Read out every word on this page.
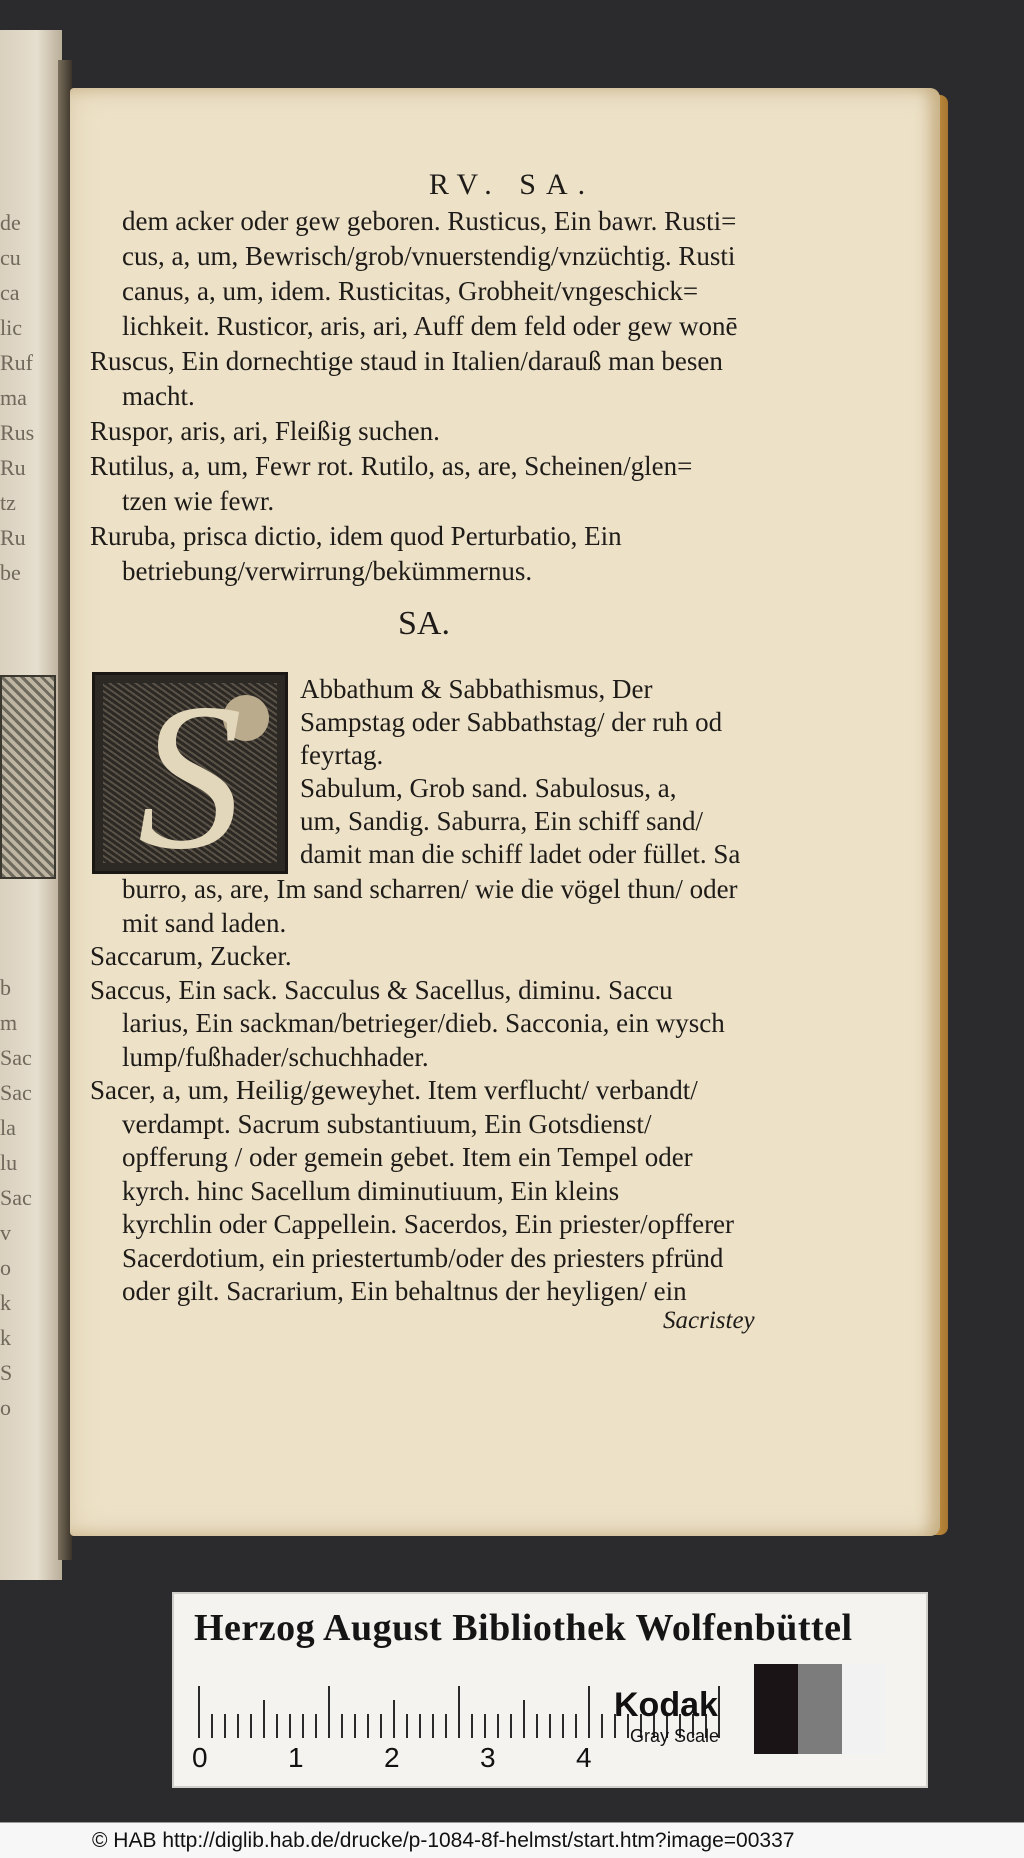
de
cu
ca
lic
Ruf
ma
Rus
Ru
tz
Ru
be
b
m
Sac
Sac
la
lu
Sac
v
o
k
k
S
o
RV. SA.
dem acker oder gew geboren. Rusticus, Ein bawr. Rusti=
cus, a, um, Bewrisch/grob/vnuerstendig/vnzüchtig. Rusti
canus, a, um, idem. Rusticitas, Grobheit/vngeschick=
lichkeit. Rusticor, aris, ari, Auff dem feld oder gew wonē
Ruscus, Ein dornechtige staud in Italien/darauß man besen
macht.
Ruspor, aris, ari, Fleißig suchen.
Rutilus, a, um, Fewr rot. Rutilo, as, are, Scheinen/glen=
tzen wie fewr.
Ruruba, prisca dictio, idem quod Perturbatio, Ein
betriebung/verwirrung/bekümmernus.
SA.
S	Abbathum & Sabbathismus, Der
Sampstag oder Sabbathstag/ der ruh od
feyrtag.
Sabulum, Grob sand. Sabulosus, a,
um, Sandig. Saburra, Ein schiff sand/
damit man die schiff ladet oder füllet. Sa
burro, as, are, Im sand scharren/ wie die vögel thun/ oder
mit sand laden.
Saccarum, Zucker.
Saccus, Ein sack. Sacculus & Sacellus, diminu. Saccu
larius, Ein sackman/betrieger/dieb. Sacconia, ein wysch
lump/fußhader/schuchhader.
Sacer, a, um, Heilig/geweyhet. Item verflucht/ verbandt/
verdampt. Sacrum substantiuum, Ein Gotsdienst/
opfferung / oder gemein gebet. Item ein Tempel oder
kyrch. hinc Sacellum diminutiuum, Ein kleins
kyrchlin oder Cappellein. Sacerdos, Ein priester/opfferer
Sacerdotium, ein priestertumb/oder des priesters pfründ
oder gilt. Sacrarium, Ein behaltnus der heyligen/ ein
Sacristey
Herzog August Bibliothek Wolfenbüttel
0	1	2	3	4
Kodak
Gray Scale
© HAB http://diglib.hab.de/drucke/p-1084-8f-helmst/start.htm?image=00337
